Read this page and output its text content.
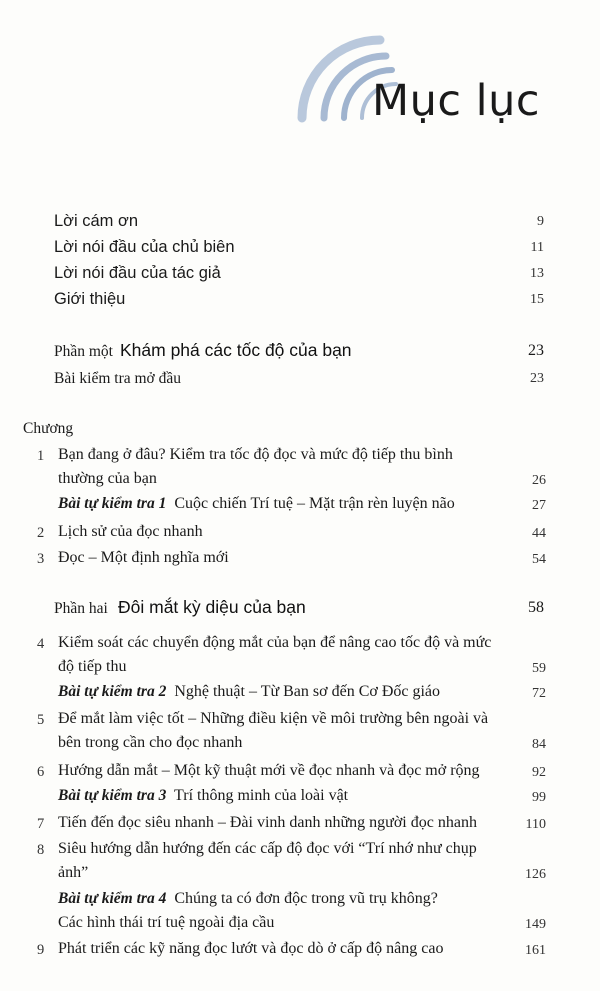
Mục lục
Lời cám ơn	9
Lời nói đầu của chủ biên	11
Lời nói đầu của tác giả	13
Giới thiệu	15
Phần một Khám phá các tốc độ của bạn	23
Bài kiểm tra mở đầu	23
Chương
1 Bạn đang ở đâu? Kiểm tra tốc độ đọc và mức độ tiếp thu bình
thường của bạn	26
Bài tự kiểm tra 1 Cuộc chiến Trí tuệ – Mặt trận rèn luyện não	27
2 Lịch sử của đọc nhanh	44
3 Đọc – Một định nghĩa mới	54
Phần hai Đôi mắt kỳ diệu của bạn	58
4 Kiểm soát các chuyển động mắt của bạn để nâng cao tốc độ và mức
độ tiếp thu	59
Bài tự kiểm tra 2 Nghệ thuật – Từ Ban sơ đến Cơ Đốc giáo	72
5 Để mắt làm việc tốt – Những điều kiện về môi trường bên ngoài và
bên trong cần cho đọc nhanh	84
6 Hướng dẫn mắt – Một kỹ thuật mới về đọc nhanh và đọc mở rộng	92
Bài tự kiểm tra 3 Trí thông minh của loài vật	99
7 Tiến đến đọc siêu nhanh – Đài vinh danh những người đọc nhanh	110
8 Siêu hướng dẫn hướng đến các cấp độ đọc với “Trí nhớ như chụp
ảnh”	126
Bài tự kiểm tra 4 Chúng ta có đơn độc trong vũ trụ không?
Các hình thái trí tuệ ngoài địa cầu	149
9 Phát triển các kỹ năng đọc lướt và đọc dò ở cấp độ nâng cao	161
